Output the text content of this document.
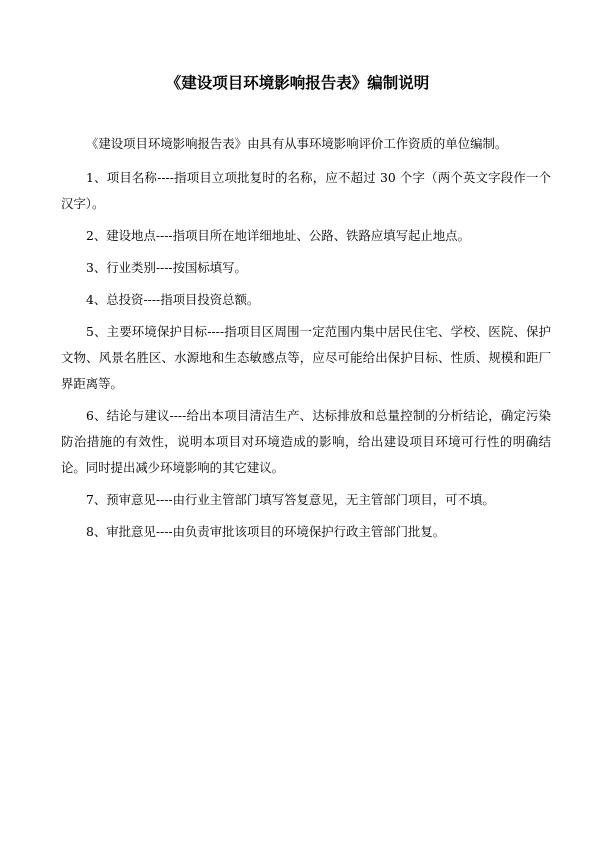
《建设项目环境影响报告表》编制说明

《建设项目环境影响报告表》由具有从事环境影响评价工作资质的单位编制。

1、项目名称----指项目立项批复时的名称，应不超过 30 个字（两个英文字段作一个汉字）。

2、建设地点----指项目所在地详细地址、公路、铁路应填写起止地点。

3、行业类别----按国标填写。

4、总投资----指项目投资总额。

5、主要环境保护目标----指项目区周围一定范围内集中居民住宅、学校、医院、保护文物、风景名胜区、水源地和生态敏感点等，应尽可能给出保护目标、性质、规模和距厂界距离等。

6、结论与建议----给出本项目清洁生产、达标排放和总量控制的分析结论，确定污染防治措施的有效性，说明本项目对环境造成的影响，给出建设项目环境可行性的明确结论。同时提出减少环境影响的其它建议。

7、预审意见----由行业主管部门填写答复意见，无主管部门项目，可不填。

8、审批意见----由负责审批该项目的环境保护行政主管部门批复。
